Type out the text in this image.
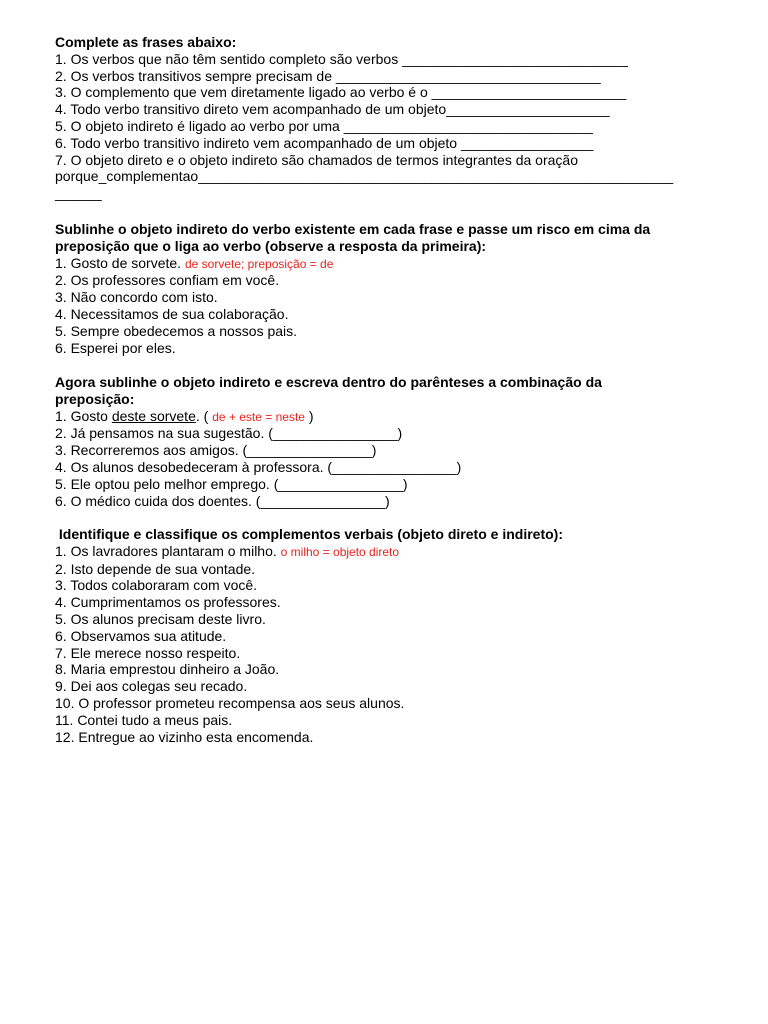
Complete as frases abaixo:
1. Os verbos que não têm sentido completo são verbos _____________________________
2. Os verbos transitivos sempre precisam de __________________________________
3. O complemento que vem diretamente ligado ao verbo é o _________________________
4. Todo verbo transitivo direto vem acompanhado de um objeto_____________________
5. O objeto indireto é ligado ao verbo por uma ________________________________
6. Todo verbo transitivo indireto vem acompanhado de um objeto _________________
7. O objeto direto e o objeto indireto são chamados de termos integrantes da oração
porque_complementao_____________________________________________________________
______
Sublinhe o objeto indireto do verbo existente em cada frase e passe um risco em cima da preposição que o liga ao verbo (observe a resposta da primeira):
1. Gosto de sorvete. de sorvete; preposição = de
2. Os professores confiam em você.
3. Não concordo com isto.
4. Necessitamos de sua colaboração.
5. Sempre obedecemos a nossos pais.
6. Esperei por eles.
Agora sublinhe o objeto indireto e escreva dentro do parênteses a combinação da preposição:
1. Gosto deste sorvete. ( de + este = neste )
2. Já pensamos na sua sugestão. (________________)
3. Recorreremos aos amigos. (________________)
4. Os alunos desobedeceram à professora. (________________)
5. Ele optou pelo melhor emprego. (________________)
6. O médico cuida dos doentes. (________________)
Identifique e classifique os complementos verbais (objeto direto e indireto):
1. Os lavradores plantaram o milho. o milho = objeto direto
2. Isto depende de sua vontade.
3. Todos colaboraram com você.
4. Cumprimentamos os professores.
5. Os alunos precisam deste livro.
6. Observamos sua atitude.
7. Ele merece nosso respeito.
8. Maria emprestou dinheiro a João.
9. Dei aos colegas seu recado.
10. O professor prometeu recompensa aos seus alunos.
11. Contei tudo a meus pais.
12. Entregue ao vizinho esta encomenda.
